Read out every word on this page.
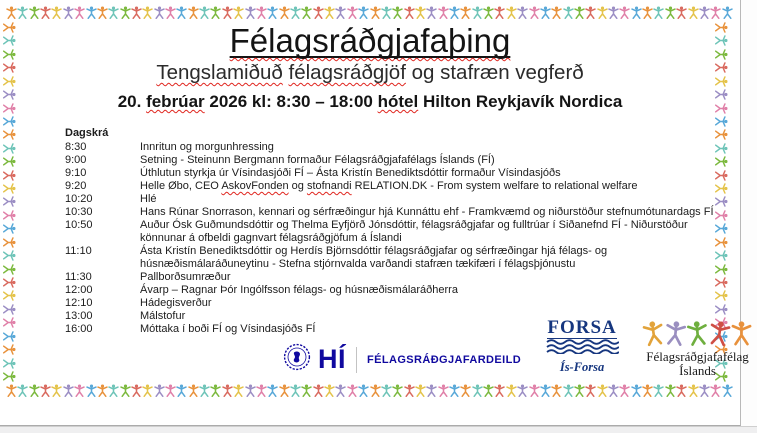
Félagsráðgjafaþing
Tengslamiðuð félagsráðgjöf og stafræn vegferð
20. febrúar 2026 kl: 8:30 – 18:00 hótel Hilton Reykjavík Nordica
Dagskrá
8:30	Innritun og morgunhressing
9:00	Setning - Steinunn Bergmann formaður Félagsráðgjafafélags Íslands (FÍ)
9:10	Úthlutun styrkja úr Vísindasjóði FÍ – Ásta Kristín Benediktsdóttir formaður Vísindasjóðs
9:20	Helle Øbo, CEO AskovFonden og stofnandi RELATION.DK - From system welfare to relational welfare
10:20	Hlé
10:30	Hans Rúnar Snorrason, kennari og sérfræðingur hjá Kunnáttu ehf - Framkvæmd og niðurstöður stefnumótunardags FÍ
10:50	Auður Ósk Guðmundsdóttir og Thelma Eyfjörð Jónsdóttir, félagsráðgjafar og fulltrúar í Siðanefnd FÍ - Niðurstöður könnunar á ofbeldi gagnvart félagsráðgjöfum á Íslandi
11:10	Ásta Kristín Benediktsdóttir og Herdís Björnsdóttir félagsráðgjafar og sérfræðingar hjá félags- og húsnæðismálaráðuneytinu - Stefna stjórnvalda varðandi stafræn tækifæri í félagsþjónustu
11:30	Pallborðsumræður
12:00	Ávarp – Ragnar Þór Ingólfsson félags- og húsnæðismálaráðherra
12:10	Hádegisverður
13:00	Málstofur
16:00	Móttaka í boði FÍ og Vísindasjóðs FÍ
HÍ FÉLAGSRÁÐGJAFARDEILD
FORSA
Ís-Forsa
Félagsráðgjafafélag
Íslands
